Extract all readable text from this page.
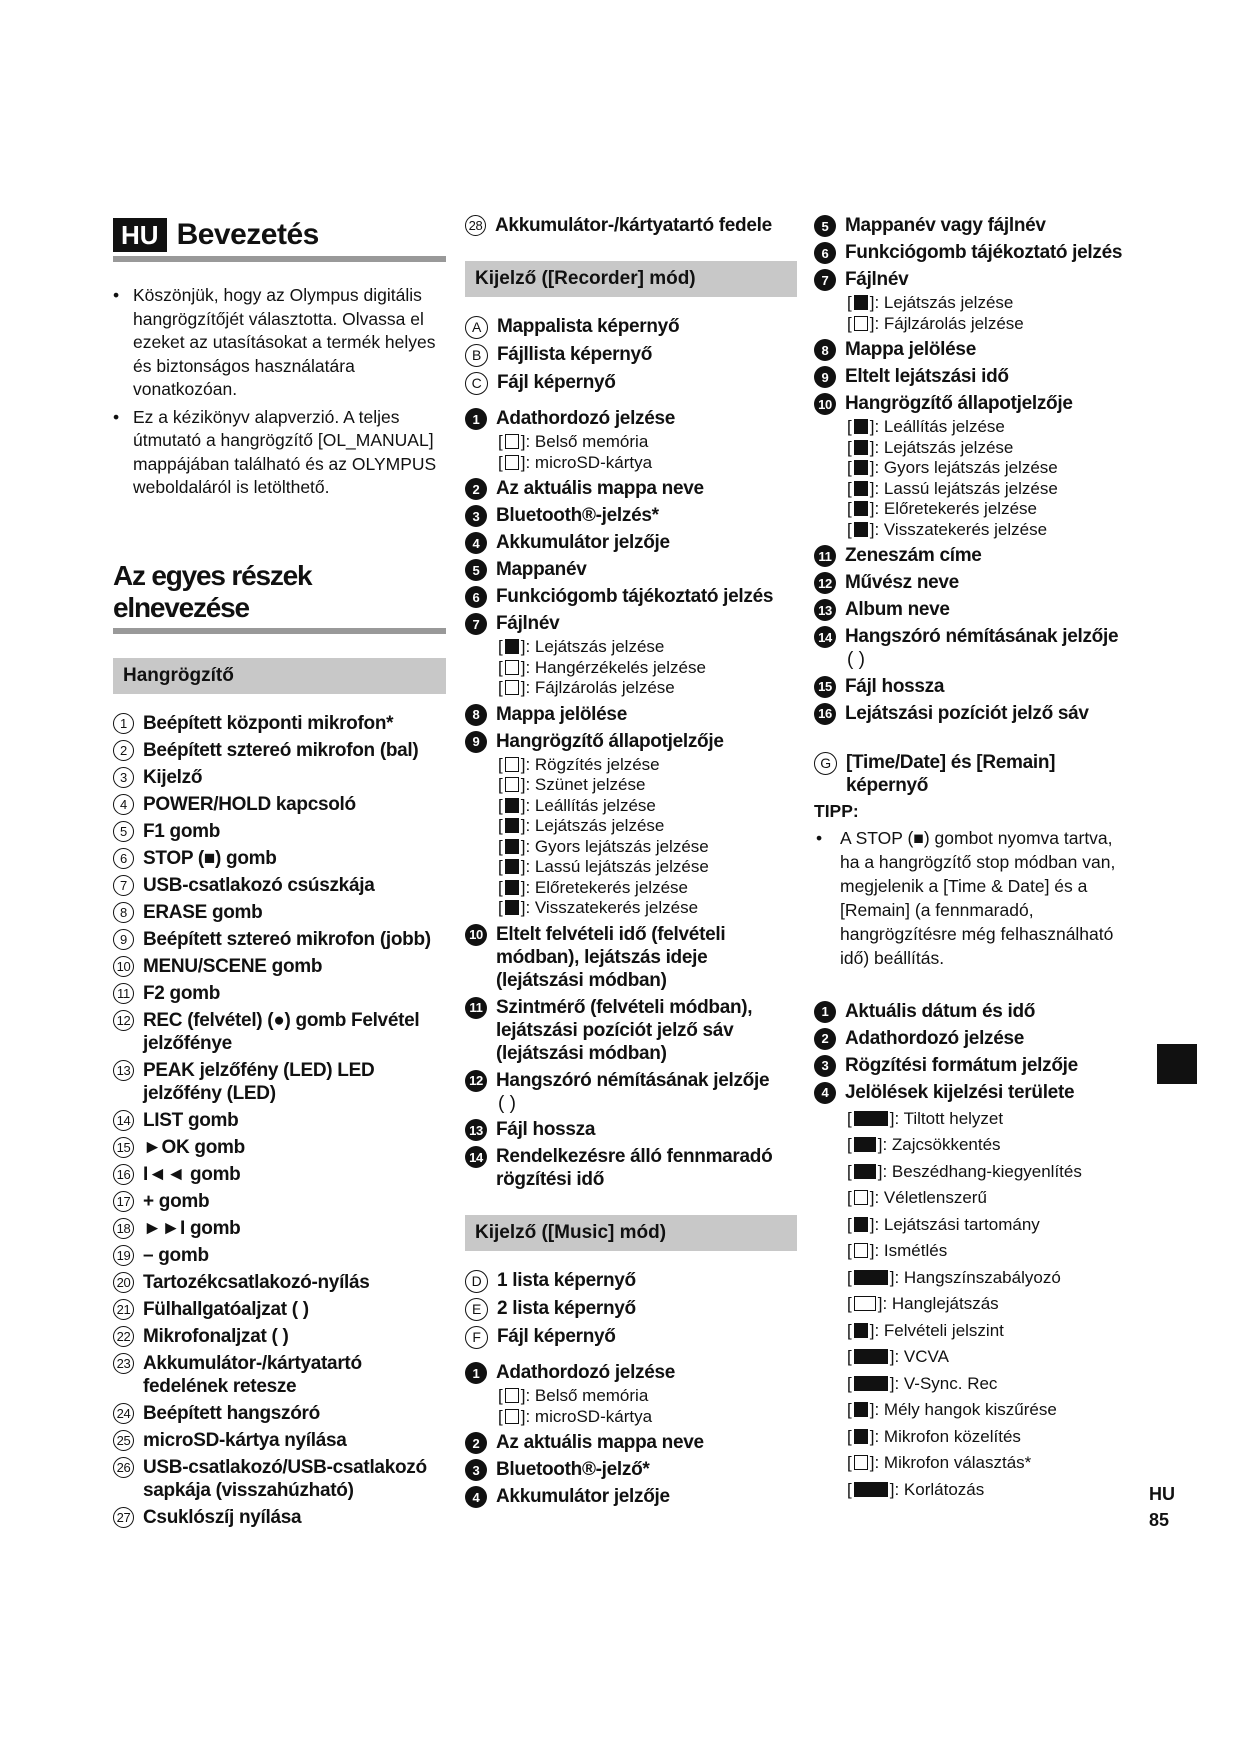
HU Bevezetés
• Köszönjük, hogy az Olympus digitális hangrögzítőjét választotta. Olvassa el ezeket az utasításokat a termék helyes és biztonságos használatára vonatkozóan.
• Ez a kézikönyv alapverzió. A teljes útmutató a hangrögzítő [OL_MANUAL] mappájában található és az OLYMPUS weboldaláról is letölthető.
Az egyes részek elnevezése
Hangrögzítő
1 Beépített központi mikrofon*
2 Beépített sztereó mikrofon (bal)
3 Kijelző
4 POWER/HOLD kapcsoló
5 F1 gomb
6 STOP (■) gomb
7 USB-csatlakozó csúszkája
8 ERASE gomb
9 Beépített sztereó mikrofon (jobb)
10 MENU/SCENE gomb
11 F2 gomb
12 REC (felvétel) (●) gomb Felvétel jelzőfénye
13 PEAK jelzőfény (LED) LED jelzőfény (LED)
14 LIST gomb
15 ►OK gomb
16 I◄◄ gomb
17 + gomb
18 ►►I gomb
19 – gomb
20 Tartozékcsatlakozó-nyílás
21 Fülhallgatóaljzat ( )
22 Mikrofonaljzat ( )
23 Akkumulátor-/kártyatartó fedelének retesze
24 Beépített hangszóró
25 microSD-kártya nyílása
26 USB-csatlakozó/USB-csatlakozó sapkája (visszahúzható)
27 Csuklószíj nyílása
28 Akkumulátor-/kártyatartó fedele
Kijelző ([Recorder] mód)
A Mappalista képernyő
B Fájllista képernyő
C Fájl képernyő
1 Adathordozó jelzése
[ ]: Belső memória
[ ]: microSD-kártya
2 Az aktuális mappa neve
3 Bluetooth®-jelzés*
4 Akkumulátor jelzője
5 Mappanév
6 Funkciógomb tájékoztató jelzés
7 Fájlnév
[ ]: Lejátszás jelzése
[ ]: Hangérzékelés jelzése
[ ]: Fájlzárolás jelzése
8 Mappa jelölése
9 Hangrögzítő állapotjelzője
[ ]: Rögzítés jelzése
[ ]: Szünet jelzése
[ ]: Leállítás jelzése
[ ]: Lejátszás jelzése
[ ]: Gyors lejátszás jelzése
[ ]: Lassú lejátszás jelzése
[ ]: Előretekerés jelzése
[ ]: Visszatekerés jelzése
10 Eltelt felvételi idő (felvételi módban), lejátszás ideje (lejátszási módban)
11 Szintmérő (felvételi módban), lejátszási pozíciót jelző sáv (lejátszási módban)
12 Hangszóró némításának jelzője
( )
13 Fájl hossza
14 Rendelkezésre álló fennmaradó rögzítési idő
Kijelző ([Music] mód)
D 1 lista képernyő
E 2 lista képernyő
F Fájl képernyő
1 Adathordozó jelzése
[ ]: Belső memória
[ ]: microSD-kártya
2 Az aktuális mappa neve
3 Bluetooth®-jelző*
4 Akkumulátor jelzője
5 Mappanév vagy fájlnév
6 Funkciógomb tájékoztató jelzés
7 Fájlnév
[ ]: Lejátszás jelzése
[ ]: Fájlzárolás jelzése
8 Mappa jelölése
9 Eltelt lejátszási idő
10 Hangrögzítő állapotjelzője
[ ]: Leállítás jelzése
[ ]: Lejátszás jelzése
[ ]: Gyors lejátszás jelzése
[ ]: Lassú lejátszás jelzése
[ ]: Előretekerés jelzése
[ ]: Visszatekerés jelzése
11 Zeneszám címe
12 Művész neve
13 Album neve
14 Hangszóró némításának jelzője
( )
15 Fájl hossza
16 Lejátszási pozíciót jelző sáv
G [Time/Date] és [Remain] képernyő
TIPP:
• A STOP (■) gombot nyomva tartva, ha a hangrögzítő stop módban van, megjelenik a [Time & Date] és a [Remain] (a fennmaradó, hangrögzítésre még felhasználható idő) beállítás.
1 Aktuális dátum és idő
2 Adathordozó jelzése
3 Rögzítési formátum jelzője
4 Jelölések kijelzési területe
[ ]: Tiltott helyzet
[ ]: Zajcsökkentés
[ ]: Beszédhang-kiegyenlítés
[ ]: Véletlenszerű
[ ]: Lejátszási tartomány
[ ]: Ismétlés
[ ]: Hangszínszabályozó
[ ]: Hanglejátszás
[ ]: Felvételi jelszint
[ ]: VCVA
[ ]: V-Sync. Rec
[ ]: Mély hangok kiszűrése
[ ]: Mikrofon közelítés
[ ]: Mikrofon választás*
[ ]: Korlátozás	HU
85
